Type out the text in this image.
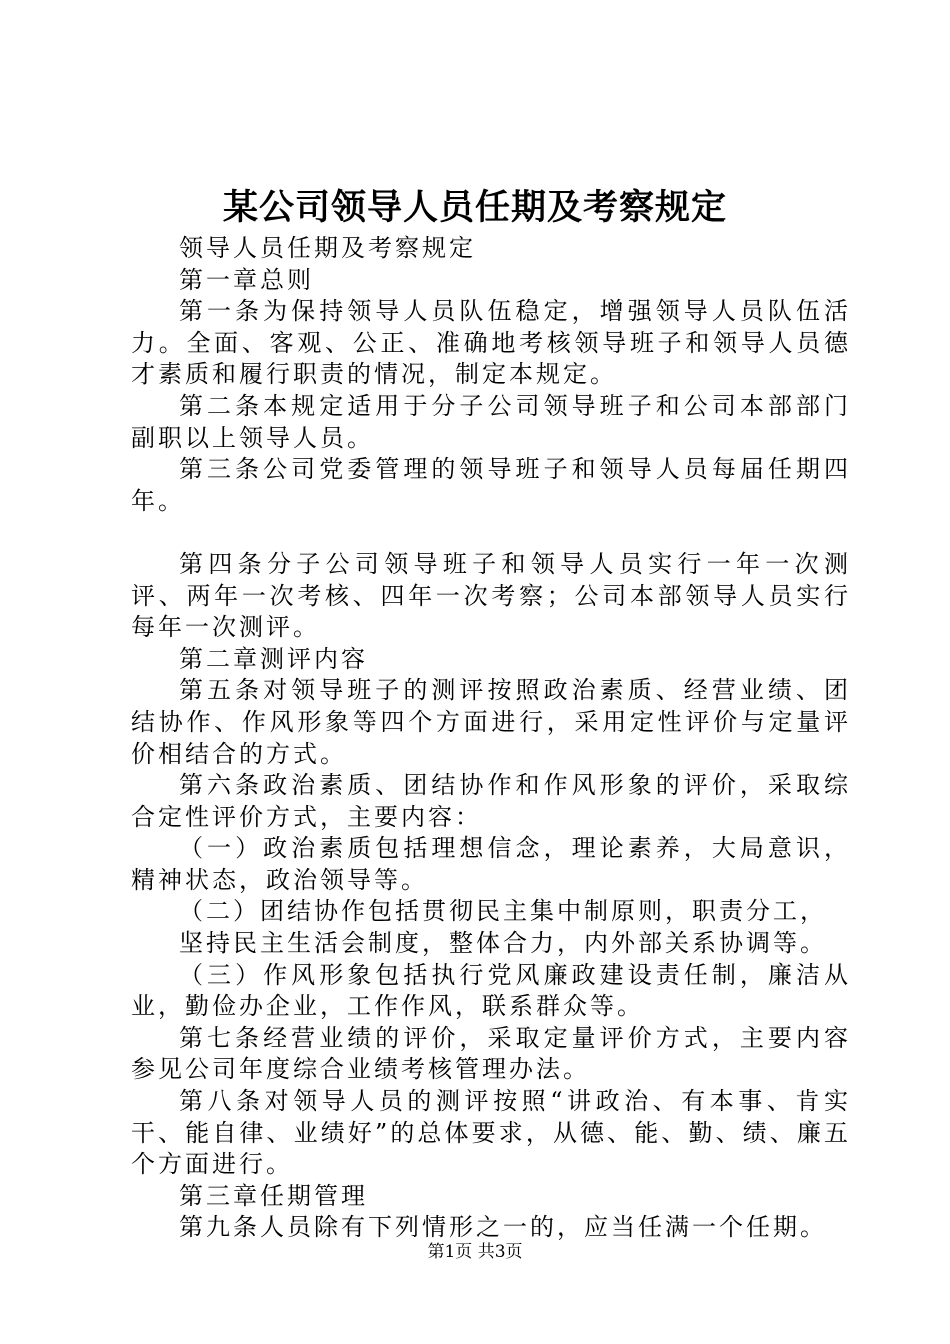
某公司领导人员任期及考察规定

领导人员任期及考察规定

第一章总则

第一条为保持领导人员队伍稳定，增强领导人员队伍活力。全面、客观、公正、准确地考核领导班子和领导人员德才素质和履行职责的情况，制定本规定。

第二条本规定适用于分子公司领导班子和公司本部部门副职以上领导人员。

第三条公司党委管理的领导班子和领导人员每届任期四年。

第四条分子公司领导班子和领导人员实行一年一次测评、两年一次考核、四年一次考察；公司本部领导人员实行每年一次测评。

第二章测评内容

第五条对领导班子的测评按照政治素质、经营业绩、团结协作、作风形象等四个方面进行，采用定性评价与定量评价相结合的方式。

第六条政治素质、团结协作和作风形象的评价，采取综合定性评价方式，主要内容：

（一）政治素质包括理想信念，理论素养，大局意识，精神状态，政治领导等。

（二）团结协作包括贯彻民主集中制原则，职责分工，

坚持民主生活会制度，整体合力，内外部关系协调等。

（三）作风形象包括执行党风廉政建设责任制，廉洁从业，勤俭办企业，工作作风，联系群众等。

第七条经营业绩的评价，采取定量评价方式，主要内容参见公司年度综合业绩考核管理办法。

第八条对领导人员的测评按照“讲政治、有本事、肯实干、能自律、业绩好”的总体要求，从德、能、勤、绩、廉五个方面进行。

第三章任期管理

第九条人员除有下列情形之一的，应当任满一个任期。

第1页 共3页
